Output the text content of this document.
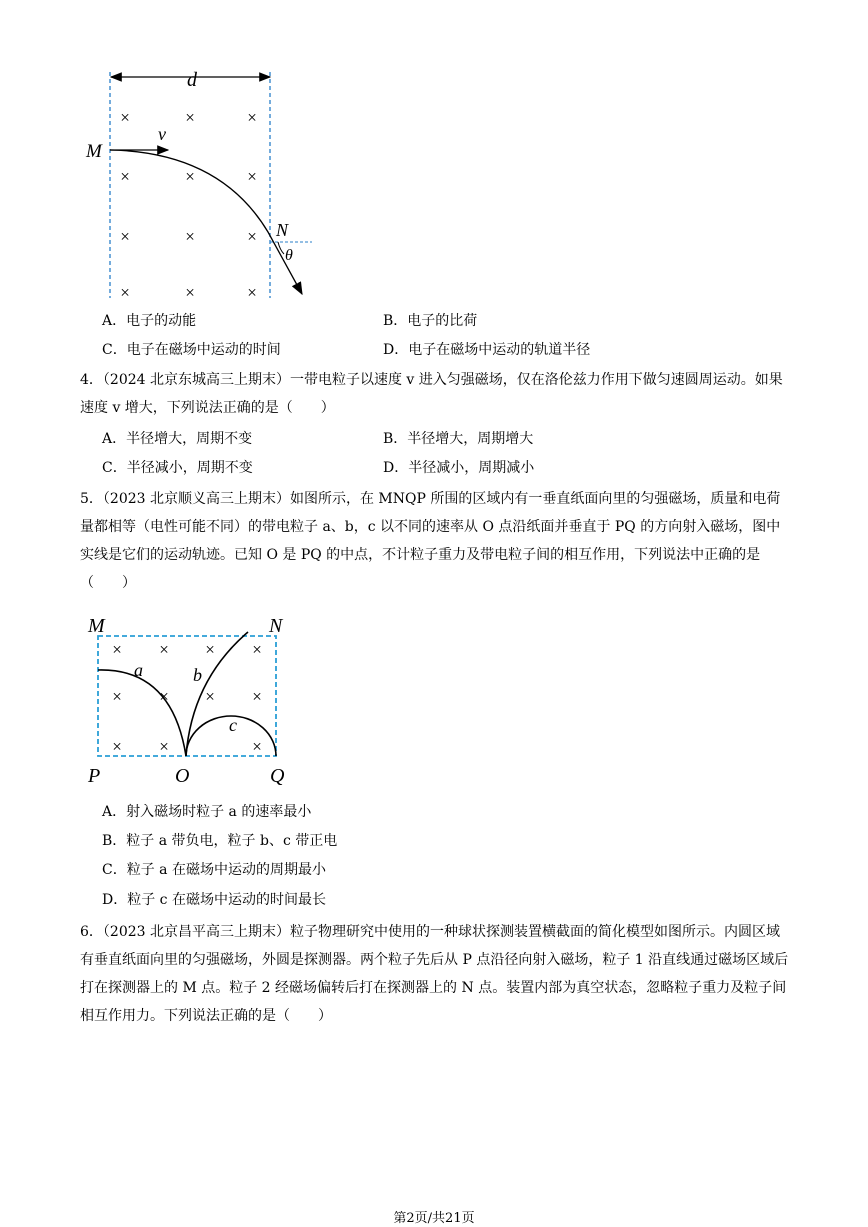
d
×	×	×
×	×	×
×	×	×
×	×	×
v
M
N
θ
A．电子的动能	B．电子的比荷
C．电子在磁场中运动的时间	D．电子在磁场中运动的轨道半径
4．（2024 北京东城高三上期末）一带电粒子以速度 v 进入匀强磁场，仅在洛伦兹力作用下做匀速圆周运动。如果速度 v 增大，下列说法正确的是（　　）
A．半径增大，周期不变	B．半径增大，周期增大
C．半径减小，周期不变	D．半径减小，周期减小
5．（2023 北京顺义高三上期末）如图所示，在 MNQP 所围的区域内有一垂直纸面向里的匀强磁场，质量和电荷量都相等（电性可能不同）的带电粒子 a、b，c 以不同的速率从 O 点沿纸面并垂直于 PQ 的方向射入磁场，图中实线是它们的运动轨迹。已知 O 是 PQ 的中点，不计粒子重力及带电粒子间的相互作用，下列说法中正确的是（　　）
× × × ×
× × × ×
× ×	×
a	b
c
M	N
P	O	Q
A．射入磁场时粒子 a 的速率最小
B．粒子 a 带负电，粒子 b、c 带正电
C．粒子 a 在磁场中运动的周期最小
D．粒子 c 在磁场中运动的时间最长
6．（2023 北京昌平高三上期末）粒子物理研究中使用的一种球状探测装置横截面的简化模型如图所示。内圆区域有垂直纸面向里的匀强磁场，外圆是探测器。两个粒子先后从 P 点沿径向射入磁场，粒子 1 沿直线通过磁场区域后打在探测器上的 M 点。粒子 2 经磁场偏转后打在探测器上的 N 点。装置内部为真空状态，忽略粒子重力及粒子间相互作用力。下列说法正确的是（　　）
第2页/共21页
